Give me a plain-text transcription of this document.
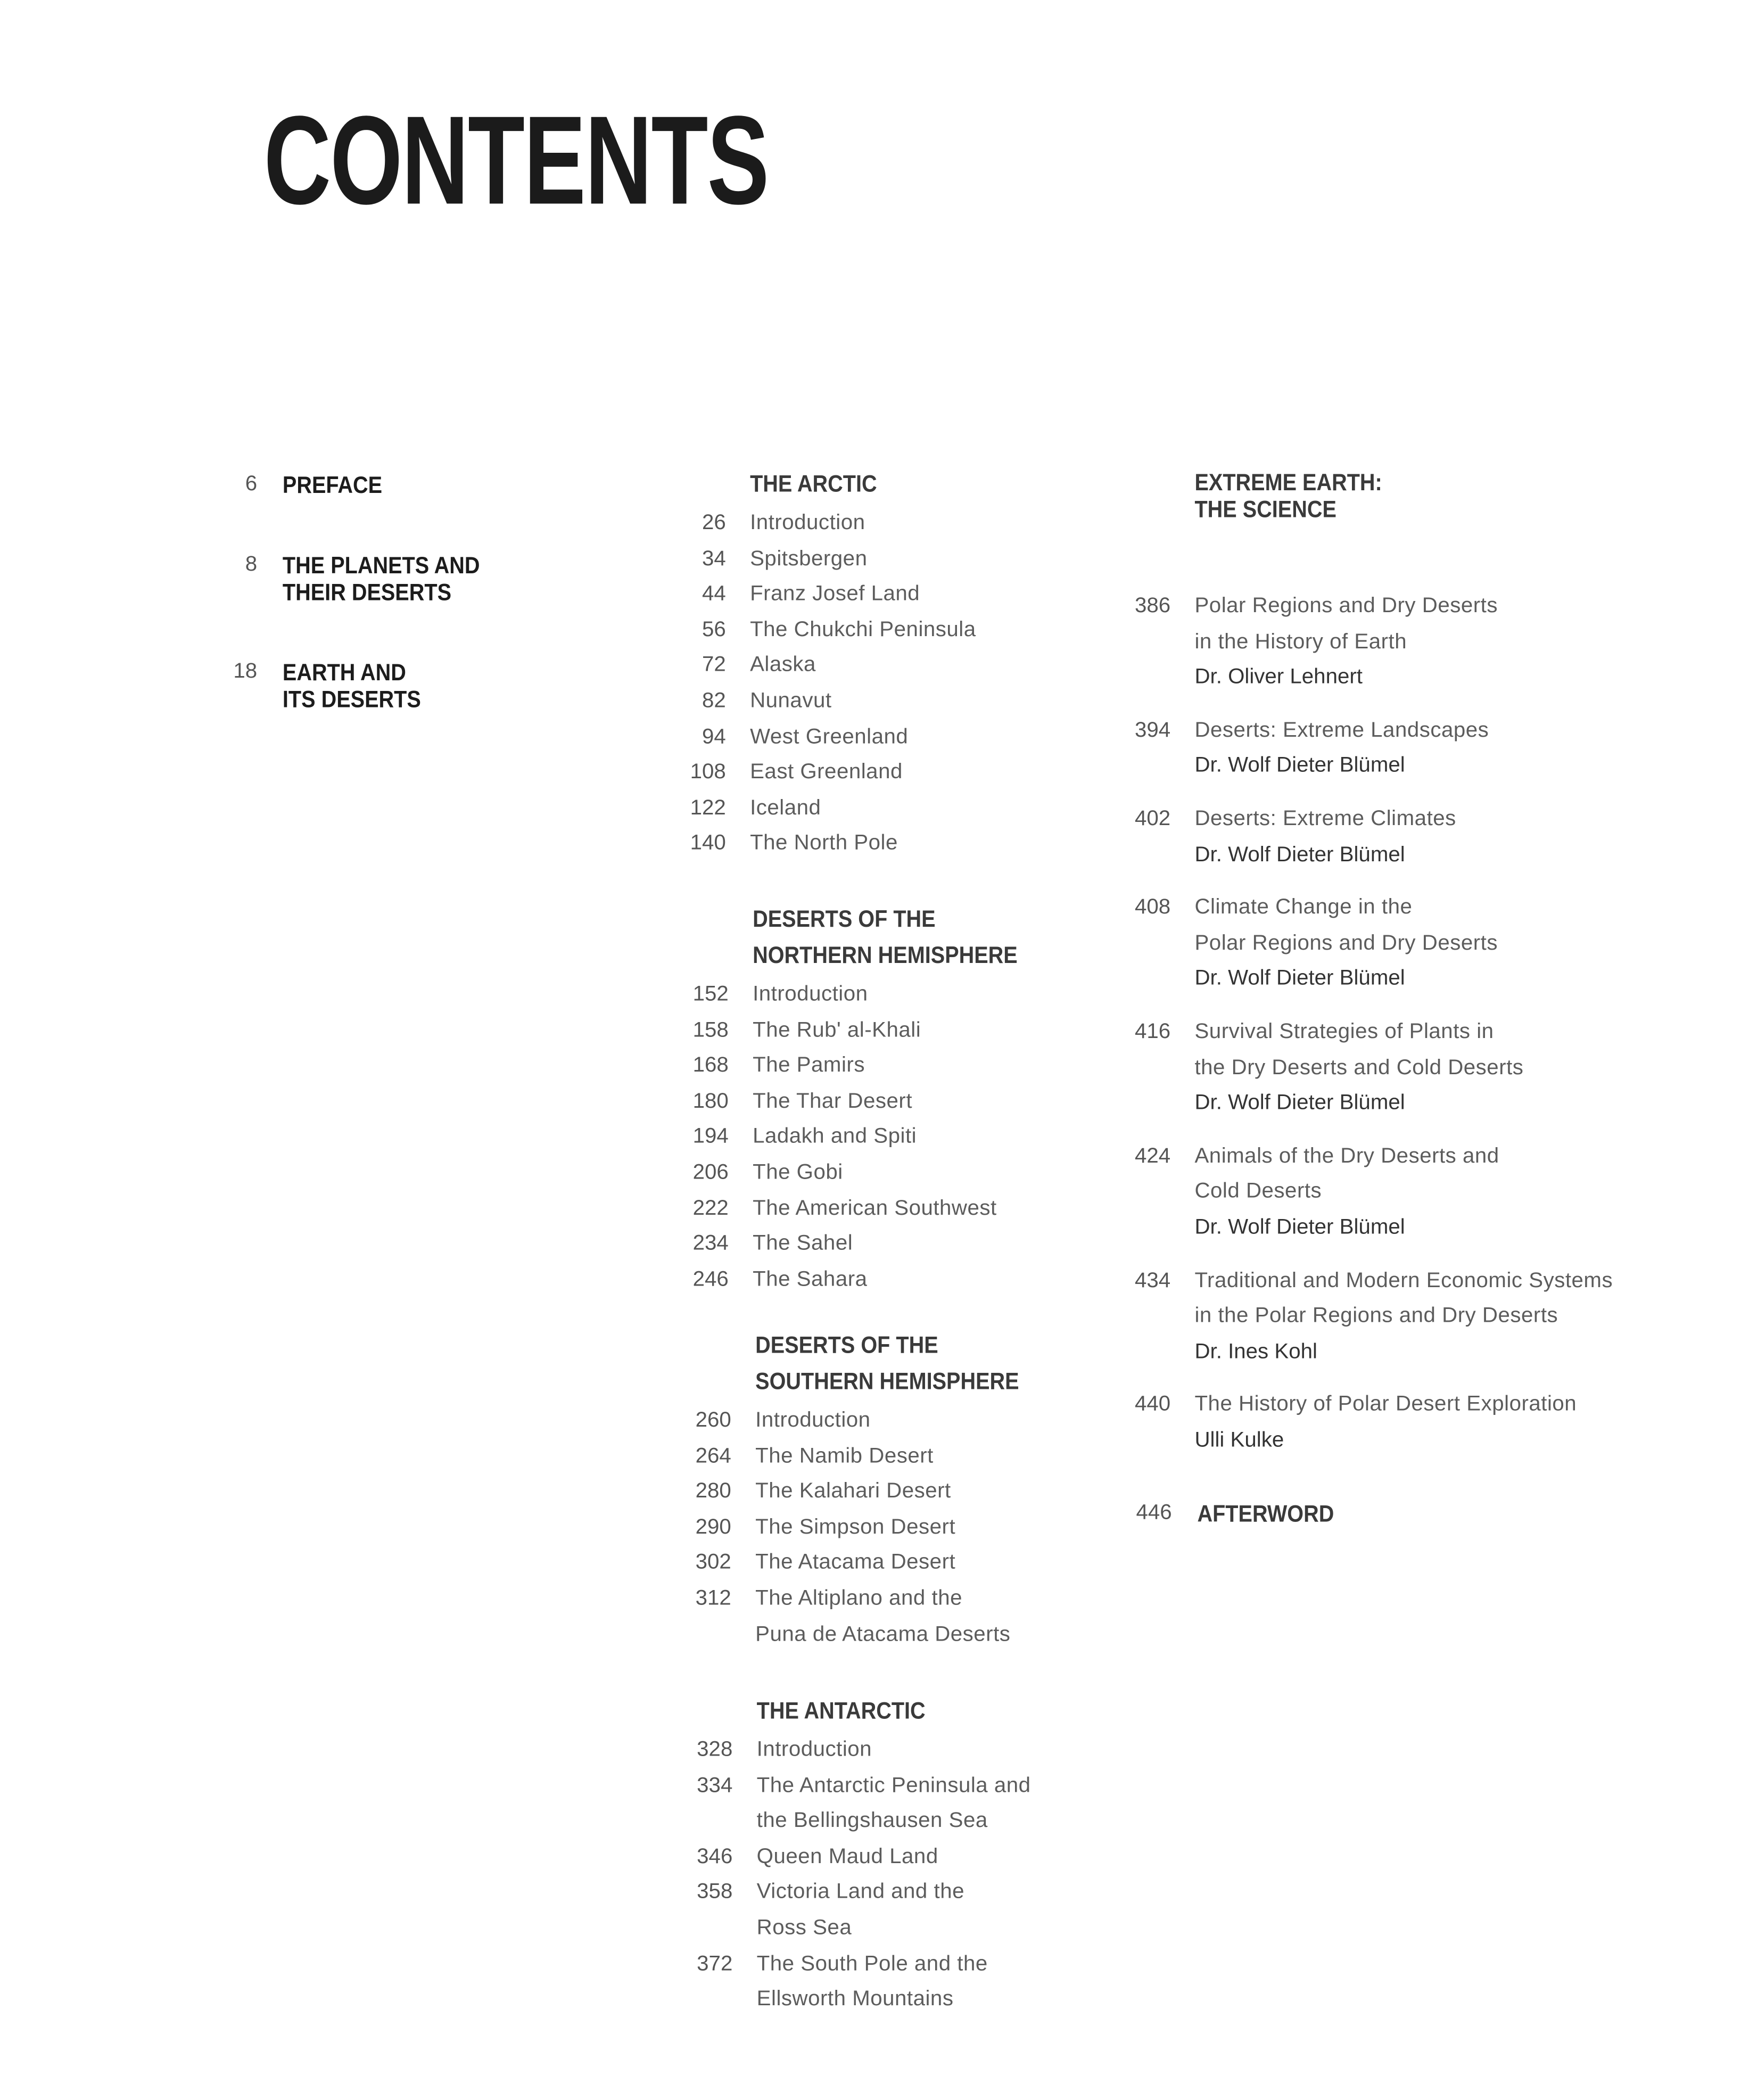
CONTENTS
6	PREFACE
8	THE PLANETS AND
THEIR DESERTS
18	EARTH AND
ITS DESERTS
THE ARCTIC
26	Introduction
34	Spitsbergen
44	Franz Josef Land
56	The Chukchi Peninsula
72	Alaska
82	Nunavut
94	West Greenland
108	East Greenland
122	Iceland
140	The North Pole
DESERTS OF THE
NORTHERN HEMISPHERE
152	Introduction
158	The Rub' al-Khali
168	The Pamirs
180	The Thar Desert
194	Ladakh and Spiti
206	The Gobi
222	The American Southwest
234	The Sahel
246	The Sahara
DESERTS OF THE
SOUTHERN HEMISPHERE
260	Introduction
264	The Namib Desert
280	The Kalahari Desert
290	The Simpson Desert
302	The Atacama Desert
312	The Altiplano and the
Puna de Atacama Deserts
THE ANTARCTIC
328	Introduction
334	The Antarctic Peninsula and
the Bellingshausen Sea
346	Queen Maud Land
358	Victoria Land and the
Ross Sea
372	The South Pole and the
Ellsworth Mountains
EXTREME EARTH:
THE SCIENCE
386	Polar Regions and Dry Deserts
in the History of Earth
Dr. Oliver Lehnert
394	Deserts: Extreme Landscapes
Dr. Wolf Dieter Blümel
402	Deserts: Extreme Climates
Dr. Wolf Dieter Blümel
408	Climate Change in the
Polar Regions and Dry Deserts
Dr. Wolf Dieter Blümel
416	Survival Strategies of Plants in
the Dry Deserts and Cold Deserts
Dr. Wolf Dieter Blümel
424	Animals of the Dry Deserts and
Cold Deserts
Dr. Wolf Dieter Blümel
434	Traditional and Modern Economic Systems
in the Polar Regions and Dry Deserts
Dr. Ines Kohl
440	The History of Polar Desert Exploration
Ulli Kulke
446	AFTERWORD
